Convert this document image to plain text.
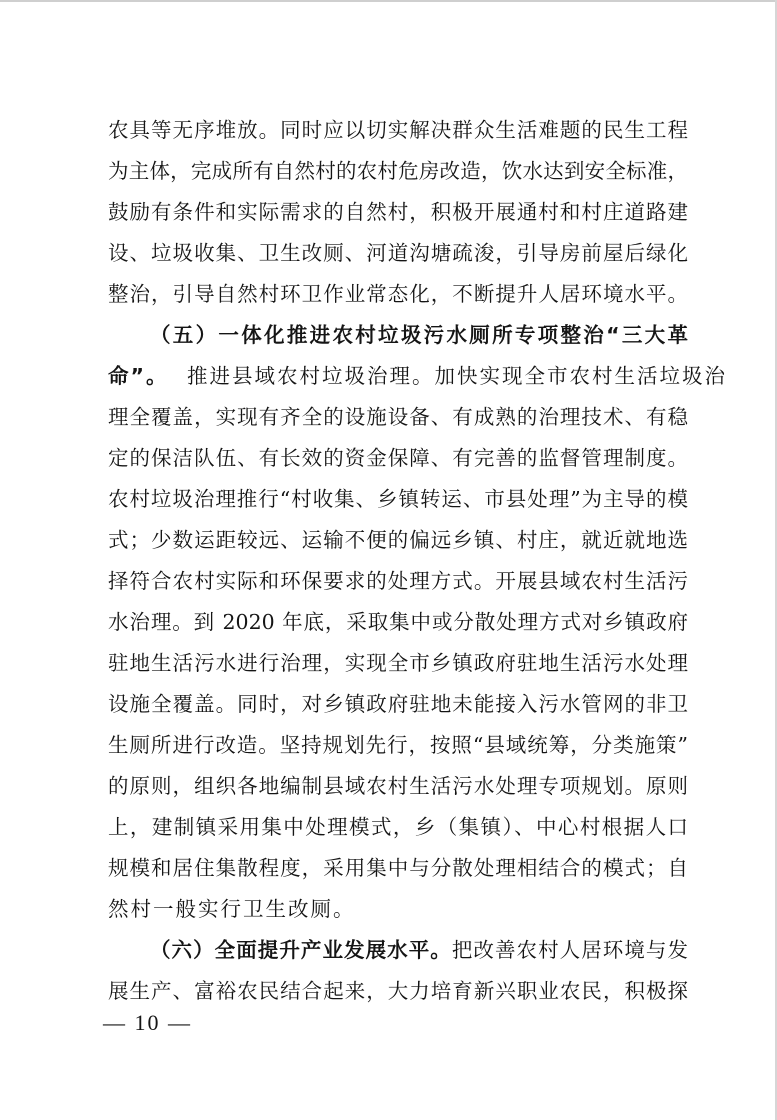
农具等无序堆放。同时应以切实解决群众生活难题的民生工程
为主体，完成所有自然村的农村危房改造，饮水达到安全标准，
鼓励有条件和实际需求的自然村，积极开展通村和村庄道路建
设、垃圾收集、卫生改厕、河道沟塘疏浚，引导房前屋后绿化
整治，引导自然村环卫作业常态化，不断提升人居环境水平。
（五）一体化推进农村垃圾污水厕所专项整治“三大革
命”。 推进县域农村垃圾治理。加快实现全市农村生活垃圾治
理全覆盖，实现有齐全的设施设备、有成熟的治理技术、有稳
定的保洁队伍、有长效的资金保障、有完善的监督管理制度。
农村垃圾治理推行“村收集、乡镇转运、市县处理”为主导的模
式；少数运距较远、运输不便的偏远乡镇、村庄，就近就地选
择符合农村实际和环保要求的处理方式。开展县域农村生活污
水治理。到 2020 年底，采取集中或分散处理方式对乡镇政府
驻地生活污水进行治理，实现全市乡镇政府驻地生活污水处理
设施全覆盖。同时，对乡镇政府驻地未能接入污水管网的非卫
生厕所进行改造。坚持规划先行，按照“县域统筹，分类施策”
的原则，组织各地编制县域农村生活污水处理专项规划。原则
上，建制镇采用集中处理模式，乡（集镇）、中心村根据人口
规模和居住集散程度，采用集中与分散处理相结合的模式；自
然村一般实行卫生改厕。
（六）全面提升产业发展水平。把改善农村人居环境与发
展生产、富裕农民结合起来，大力培育新兴职业农民，积极探
— 10 —
